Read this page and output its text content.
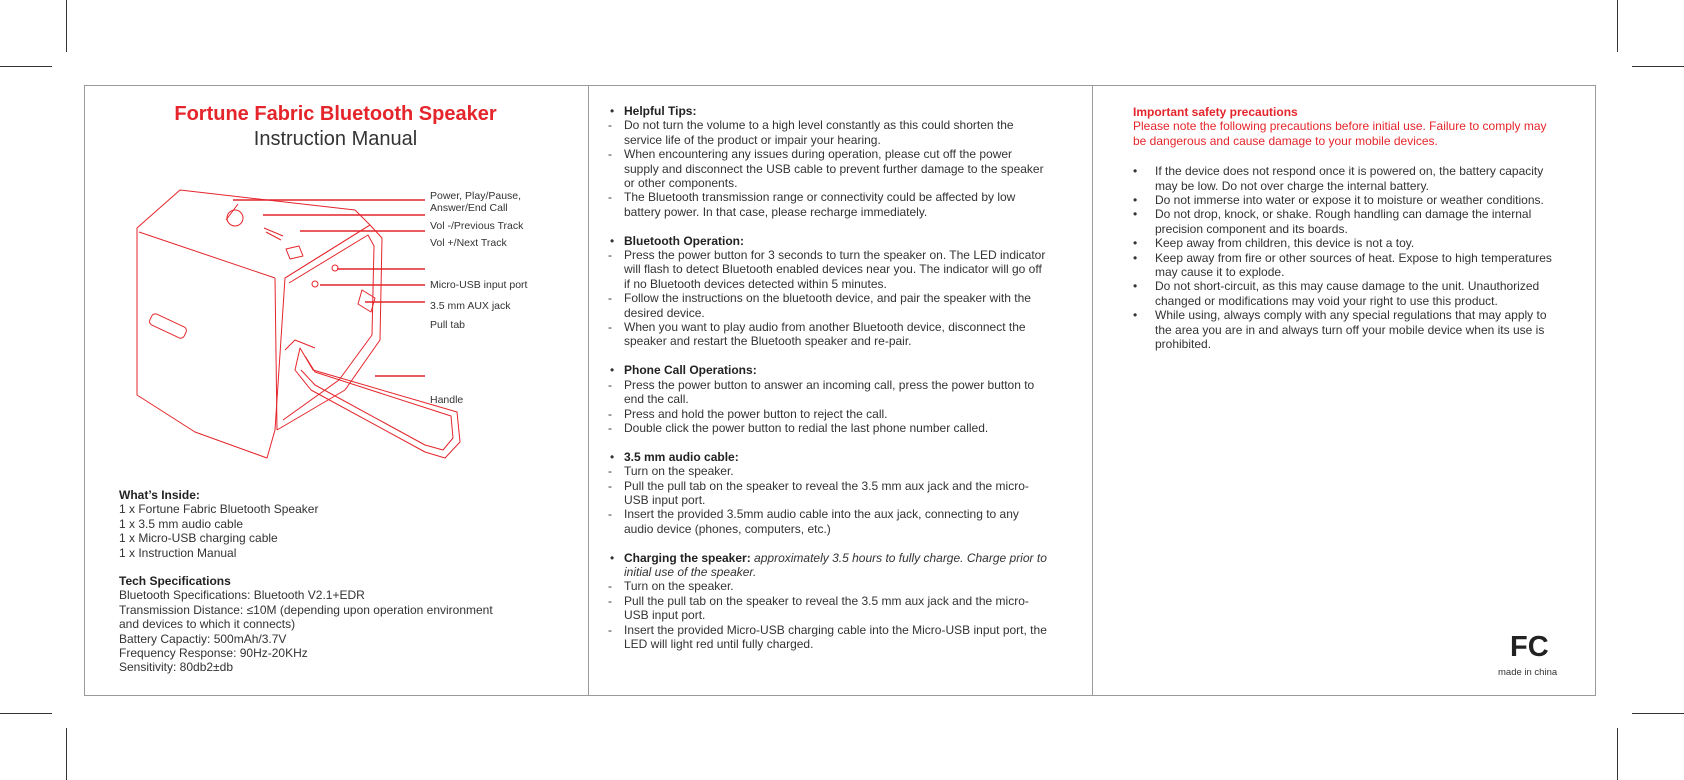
Fortune Fabric Bluetooth Speaker
Instruction Manual
Power, Play/Pause,
Answer/End Call
Vol -/Previous Track
Vol +/Next Track
Micro-USB input port
3.5 mm AUX jack
Pull tab
Handle
What’s Inside:
1 x Fortune Fabric Bluetooth Speaker
1 x 3.5 mm audio cable
1 x Micro-USB charging cable
1 x Instruction Manual
Tech Specifications
Bluetooth Specifications: Bluetooth V2.1+EDR
Transmission Distance: ≤10M (depending upon operation environment
and devices to which it connects)
Battery Capactiy: 500mAh/3.7V
Frequency Response: 90Hz-20KHz
Sensitivity: 80db2±db
• Helpful Tips:
- Do not turn the volume to a high level constantly as this could shorten the service life of the product or impair your hearing.
- When encountering any issues during operation, please cut off the power supply and disconnect the USB cable to prevent further damage to the speaker or other components.
- The Bluetooth transmission range or connectivity could be affected by low battery power. In that case, please recharge immediately.
• Bluetooth Operation:
- Press the power button for 3 seconds to turn the speaker on. The LED indicator will flash to detect Bluetooth enabled devices near you. The indicator will go off if no Bluetooth devices detected within 5 minutes.
- Follow the instructions on the bluetooth device, and pair the speaker with the desired device.
- When you want to play audio from another Bluetooth device, disconnect the speaker and restart the Bluetooth speaker and re-pair.
• Phone Call Operations:
- Press the power button to answer an incoming call, press the power button to end the call.
- Press and hold the power button to reject the call.
- Double click the power button to redial the last phone number called.
• 3.5 mm audio cable:
- Turn on the speaker.
- Pull the pull tab on the speaker to reveal the 3.5 mm aux jack and the micro-USB input port.
- Insert the provided 3.5mm audio cable into the aux jack, connecting to any audio device (phones, computers, etc.)
• Charging the speaker: approximately 3.5 hours to fully charge. Charge prior to initial use of the speaker.
- Turn on the speaker.
- Pull the pull tab on the speaker to reveal the 3.5 mm aux jack and the micro-USB input port.
- Insert the provided Micro-USB charging cable into the Micro-USB input port, the LED will light red until fully charged.
Important safety precautions
Please note the following precautions before initial use. Failure to comply may be dangerous and cause damage to your mobile devices.
• If the device does not respond once it is powered on, the battery capacity may be low. Do not over charge the internal battery.
• Do not immerse into water or expose it to moisture or weather conditions.
• Do not drop, knock, or shake. Rough handling can damage the internal precision component and its boards.
• Keep away from children, this device is not a toy.
• Keep away from fire or other sources of heat. Expose to high temperatures may cause it to explode.
• Do not short-circuit, as this may cause damage to the unit. Unauthorized changed or modifications may void your right to use this product.
• While using, always comply with any special regulations that may apply to the area you are in and always turn off your mobile device when its use is prohibited.
FC
made in china
